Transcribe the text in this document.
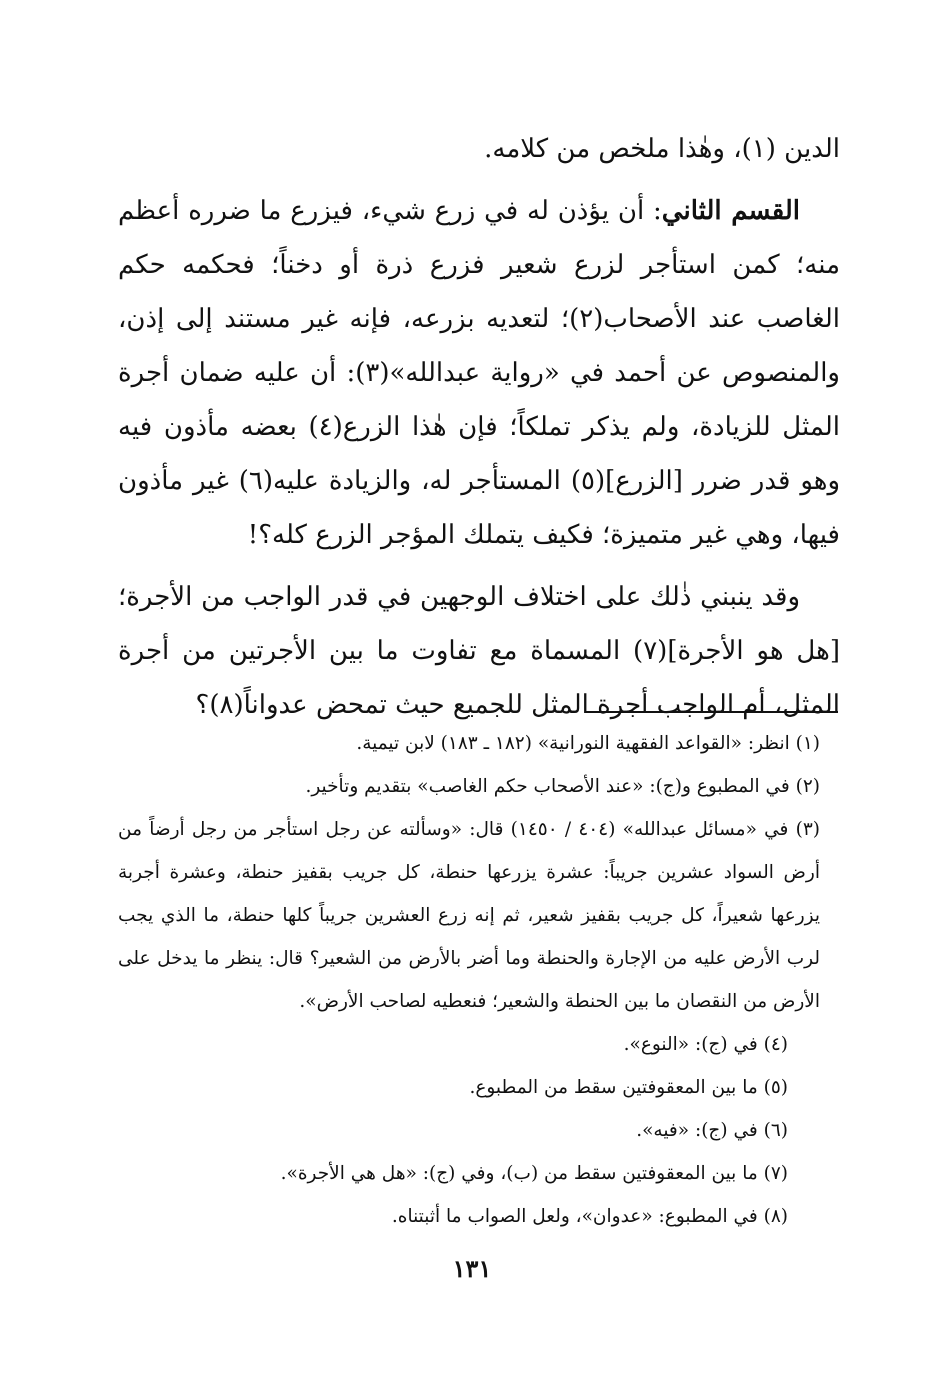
الدين (١)، وهٰذا ملخص من كلامه.

القسم الثاني: أن يؤذن له في زرع شيء، فيزرع ما ضرره أعظم منه؛ كمن استأجر لزرع شعير فزرع ذرة أو دخناً؛ فحكمه حكم الغاصب عند الأصحاب(٢)؛ لتعديه بزرعه، فإنه غير مستند إلى إذن، والمنصوص عن أحمد في «رواية عبدالله»(٣): أن عليه ضمان أجرة المثل للزيادة، ولم يذكر تملكاً؛ فإن هٰذا الزرع(٤) بعضه مأذون فيه وهو قدر ضرر [الزرع](٥) المستأجر له، والزيادة عليه(٦) غير مأذون فيها، وهي غير متميزة؛ فكيف يتملك المؤجر الزرع كله؟!

وقد ينبني ذٰلك على اختلاف الوجهين في قدر الواجب من الأجرة؛ [هل هو الأجرة](٧) المسماة مع تفاوت ما بين الأجرتين من أجرة المثل، أم الواجب أجرة المثل للجميع حيث تمحض عدواناً(٨)؟

(١) انظر: «القواعد الفقهية النورانية» (١٨٢ ـ ١٨٣) لابن تيمية.

(٢) في المطبوع و(ج): «عند الأصحاب حكم الغاصب» بتقديم وتأخير.

(٣) في «مسائل عبدالله» (٤٠٤ / ١٤٥٠) قال: «وسألته عن رجل استأجر من رجل أرضاً من أرض السواد عشرين جريباً: عشرة يزرعها حنطة، كل جريب بقفيز حنطة، وعشرة أجربة يزرعها شعيراً، كل جريب بقفيز شعير، ثم إنه زرع العشرين جريباً كلها حنطة، ما الذي يجب لرب الأرض عليه من الإجارة والحنطة وما أضر بالأرض من الشعير؟ قال: ينظر ما يدخل على الأرض من النقصان ما بين الحنطة والشعير؛ فنعطيه لصاحب الأرض».

(٤) في (ج): «النوع».

(٥) ما بين المعقوفتين سقط من المطبوع.

(٦) في (ج): «فيه».

(٧) ما بين المعقوفتين سقط من (ب)، وفي (ج): «هل هي الأجرة».

(٨) في المطبوع: «عدوان»، ولعل الصواب ما أثبتناه.

١٣١
